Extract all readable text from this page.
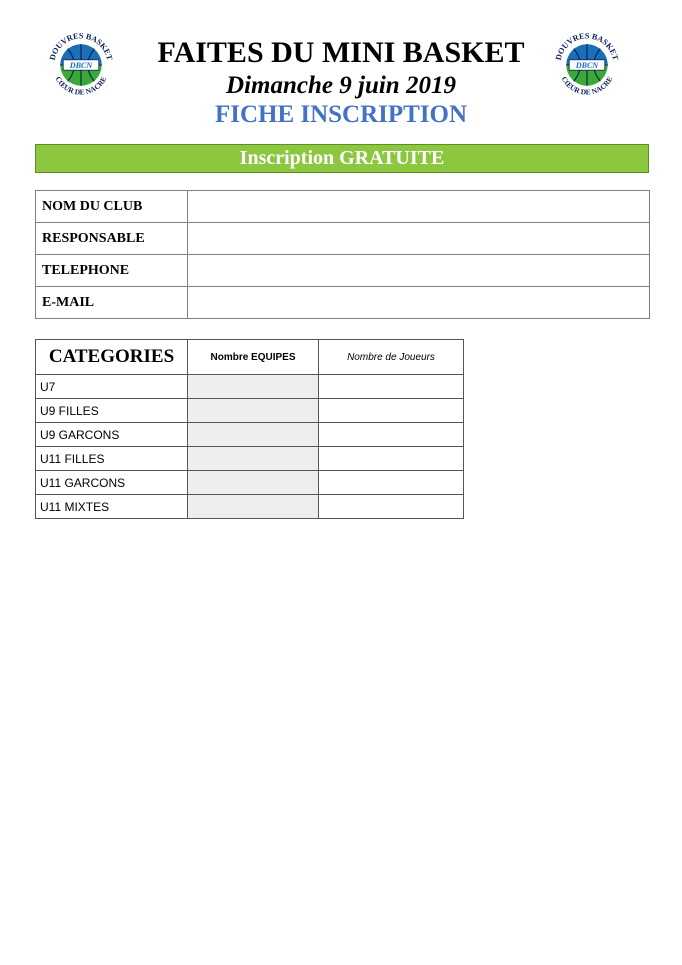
DBCN
DOUVRES BASKET
CŒUR DE NACRE
DBCN
DOUVRES BASKET
CŒUR DE NACRE
FAITES DU MINI BASKET
Dimanche 9 juin 2019
FICHE INSCRIPTION
Inscription GRATUITE
NOM DU CLUB	
RESPONSABLE	
TELEPHONE	
E-MAIL	
CATEGORIES	Nombre EQUIPES	Nombre de Joueurs
U7		
U9 FILLES		
U9 GARCONS		
U11 FILLES		
U11 GARCONS		
U11 MIXTES		
